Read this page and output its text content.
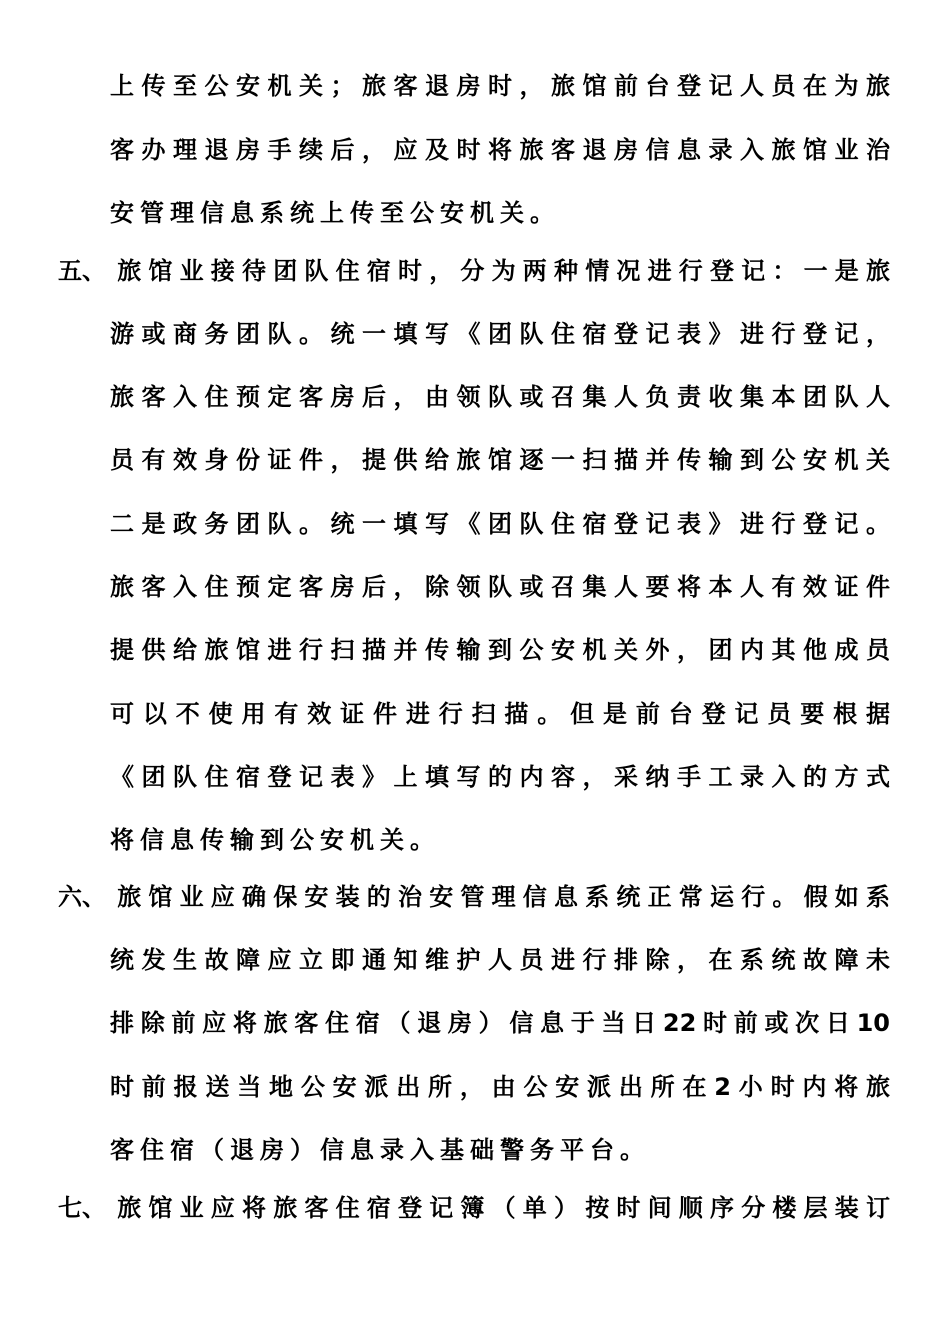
上传至公安机关；旅客退房时，旅馆前台登记人员在为旅
客办理退房手续后，应及时将旅客退房信息录入旅馆业治
安管理信息系统上传至公安机关。
五、 旅馆业接待团队住宿时，分为两种情况进行登记：一是旅
游或商务团队。统一填写《团队住宿登记表》进行登记，
旅客入住预定客房后，由领队或召集人负责收集本团队人
员有效身份证件，提供给旅馆逐一扫描并传输到公安机关
二是政务团队。统一填写《团队住宿登记表》进行登记。
旅客入住预定客房后，除领队或召集人要将本人有效证件
提供给旅馆进行扫描并传输到公安机关外，团内其他成员
可以不使用有效证件进行扫描。但是前台登记员要根据
《团队住宿登记表》上填写的内容，采纳手工录入的方式
将信息传输到公安机关。
六、 旅馆业应确保安装的治安管理信息系统正常运行。假如系
统发生故障应立即通知维护人员进行排除，在系统故障未
排除前应将旅客住宿（退房）信息于当日22时前或次日10
时前报送当地公安派出所，由公安派出所在2小时内将旅
客住宿（退房）信息录入基础警务平台。
七、 旅馆业应将旅客住宿登记簿（单）按时间顺序分楼层装订
